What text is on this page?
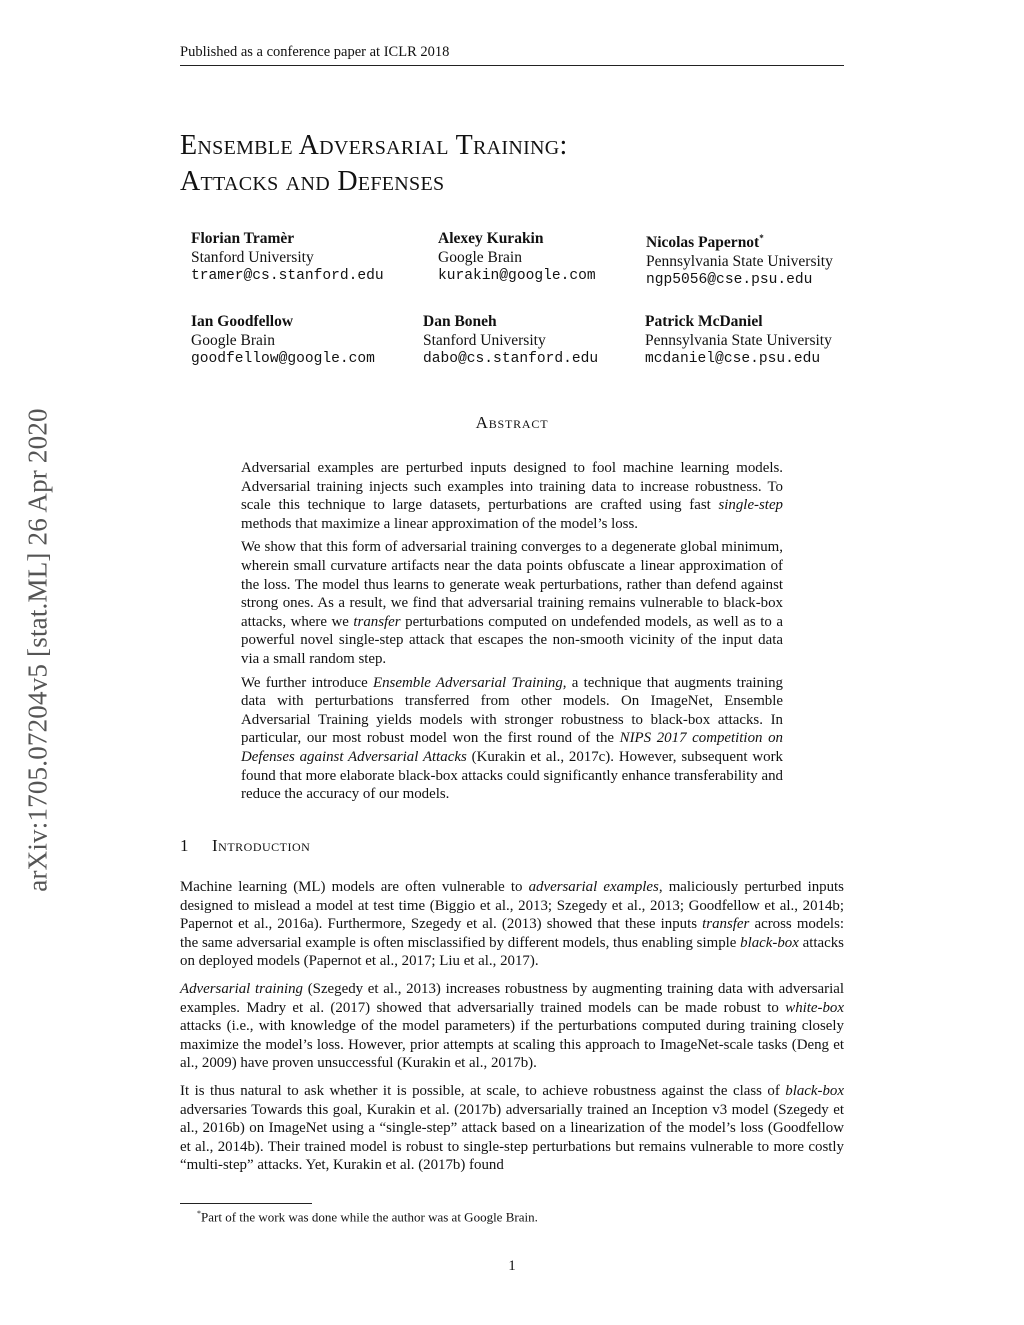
Published as a conference paper at ICLR 2018
arXiv:1705.07204v5 [stat.ML] 26 Apr 2020
Ensemble Adversarial Training:
Attacks and Defenses
Florian Tramèr
Stanford University
tramer@cs.stanford.edu
Alexey Kurakin
Google Brain
kurakin@google.com
Nicolas Papernot*
Pennsylvania State University
ngp5056@cse.psu.edu
Ian Goodfellow
Google Brain
goodfellow@google.com
Dan Boneh
Stanford University
dabo@cs.stanford.edu
Patrick McDaniel
Pennsylvania State University
mcdaniel@cse.psu.edu
Abstract

Adversarial examples are perturbed inputs designed to fool machine learning models. Adversarial training injects such examples into training data to increase robustness. To scale this technique to large datasets, perturbations are crafted using fast single-step methods that maximize a linear approximation of the model’s loss.

We show that this form of adversarial training converges to a degenerate global minimum, wherein small curvature artifacts near the data points obfuscate a linear approximation of the loss. The model thus learns to generate weak perturbations, rather than defend against strong ones. As a result, we find that adversarial training remains vulnerable to black-box attacks, where we transfer perturbations computed on undefended models, as well as to a powerful novel single-step attack that escapes the non-smooth vicinity of the input data via a small random step.

We further introduce Ensemble Adversarial Training, a technique that augments training data with perturbations transferred from other models. On ImageNet, Ensemble Adversarial Training yields models with stronger robustness to black-box attacks. In particular, our most robust model won the first round of the NIPS 2017 competition on Defenses against Adversarial Attacks (Kurakin et al., 2017c). However, subsequent work found that more elaborate black-box attacks could significantly enhance transferability and reduce the accuracy of our models.

1 Introduction

Machine learning (ML) models are often vulnerable to adversarial examples, maliciously perturbed inputs designed to mislead a model at test time (Biggio et al., 2013; Szegedy et al., 2013; Goodfellow et al., 2014b; Papernot et al., 2016a). Furthermore, Szegedy et al. (2013) showed that these inputs transfer across models: the same adversarial example is often misclassified by different models, thus enabling simple black-box attacks on deployed models (Papernot et al., 2017; Liu et al., 2017).

Adversarial training (Szegedy et al., 2013) increases robustness by augmenting training data with adversarial examples. Madry et al. (2017) showed that adversarially trained models can be made robust to white-box attacks (i.e., with knowledge of the model parameters) if the perturbations computed during training closely maximize the model’s loss. However, prior attempts at scaling this approach to ImageNet-scale tasks (Deng et al., 2009) have proven unsuccessful (Kurakin et al., 2017b).

It is thus natural to ask whether it is possible, at scale, to achieve robustness against the class of black-box adversaries Towards this goal, Kurakin et al. (2017b) adversarially trained an Inception v3 model (Szegedy et al., 2016b) on ImageNet using a “single-step” attack based on a linearization of the model’s loss (Goodfellow et al., 2014b). Their trained model is robust to single-step perturbations but remains vulnerable to more costly “multi-step” attacks. Yet, Kurakin et al. (2017b) found

*Part of the work was done while the author was at Google Brain.
1
